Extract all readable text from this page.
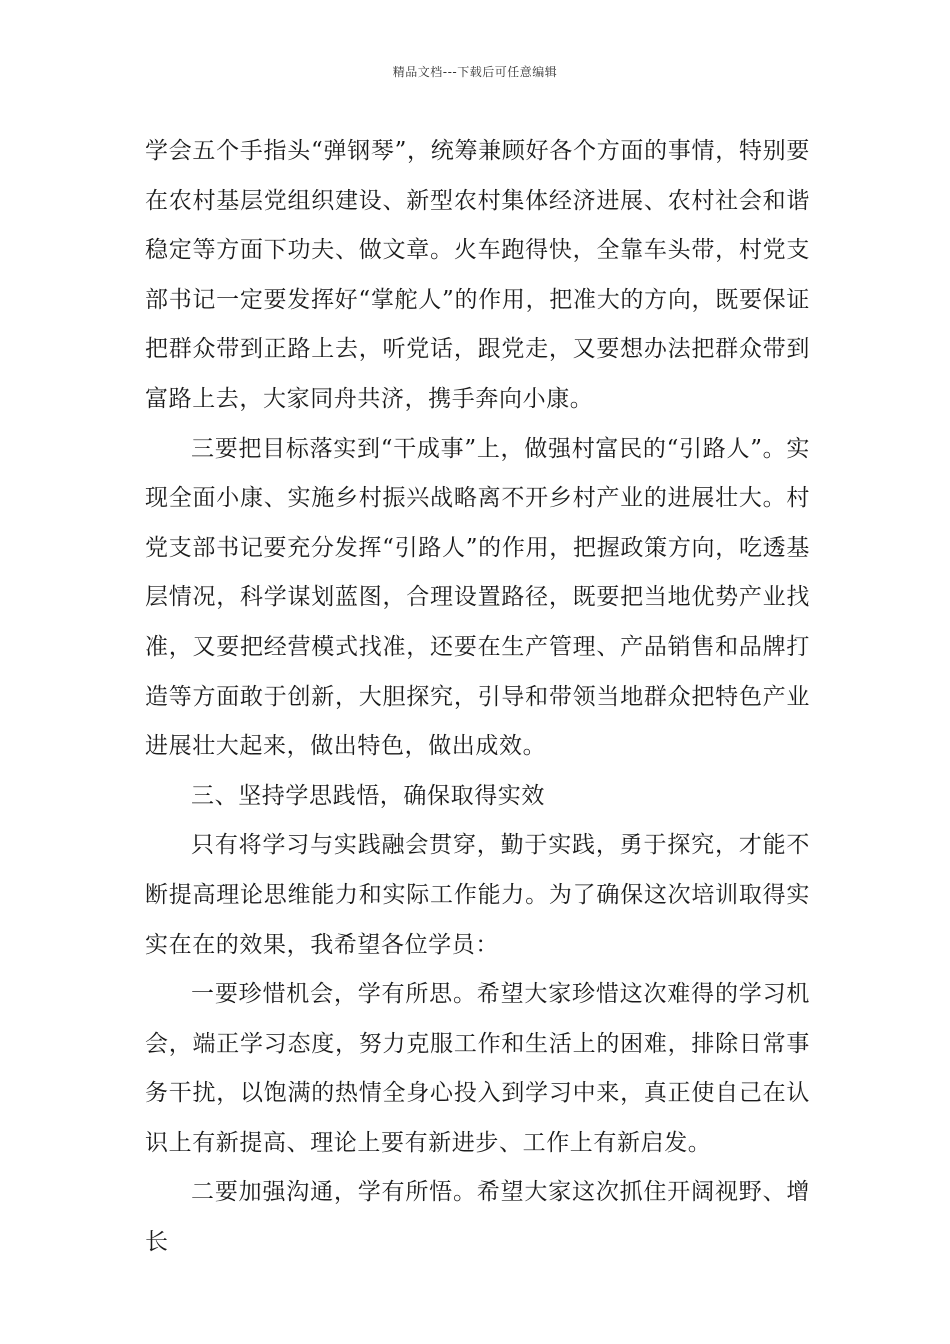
精品文档---下载后可任意编辑

学会五个手指头“弹钢琴”，统筹兼顾好各个方面的事情，特别要在农村基层党组织建设、新型农村集体经济进展、农村社会和谐稳定等方面下功夫、做文章。火车跑得快，全靠车头带，村党支部书记一定要发挥好“掌舵人”的作用，把准大的方向，既要保证把群众带到正路上去，听党话，跟党走，又要想办法把群众带到富路上去，大家同舟共济，携手奔向小康。

三要把目标落实到“干成事”上，做强村富民的“引路人”。实现全面小康、实施乡村振兴战略离不开乡村产业的进展壮大。村党支部书记要充分发挥“引路人”的作用，把握政策方向，吃透基层情况，科学谋划蓝图，合理设置路径，既要把当地优势产业找准，又要把经营模式找准，还要在生产管理、产品销售和品牌打造等方面敢于创新，大胆探究，引导和带领当地群众把特色产业进展壮大起来，做出特色，做出成效。

三、坚持学思践悟，确保取得实效

只有将学习与实践融会贯穿，勤于实践，勇于探究，才能不断提高理论思维能力和实际工作能力。为了确保这次培训取得实实在在的效果，我希望各位学员：

一要珍惜机会，学有所思。希望大家珍惜这次难得的学习机会，端正学习态度，努力克服工作和生活上的困难，排除日常事务干扰，以饱满的热情全身心投入到学习中来，真正使自己在认识上有新提高、理论上要有新进步、工作上有新启发。

二要加强沟通，学有所悟。希望大家这次抓住开阔视野、增长
